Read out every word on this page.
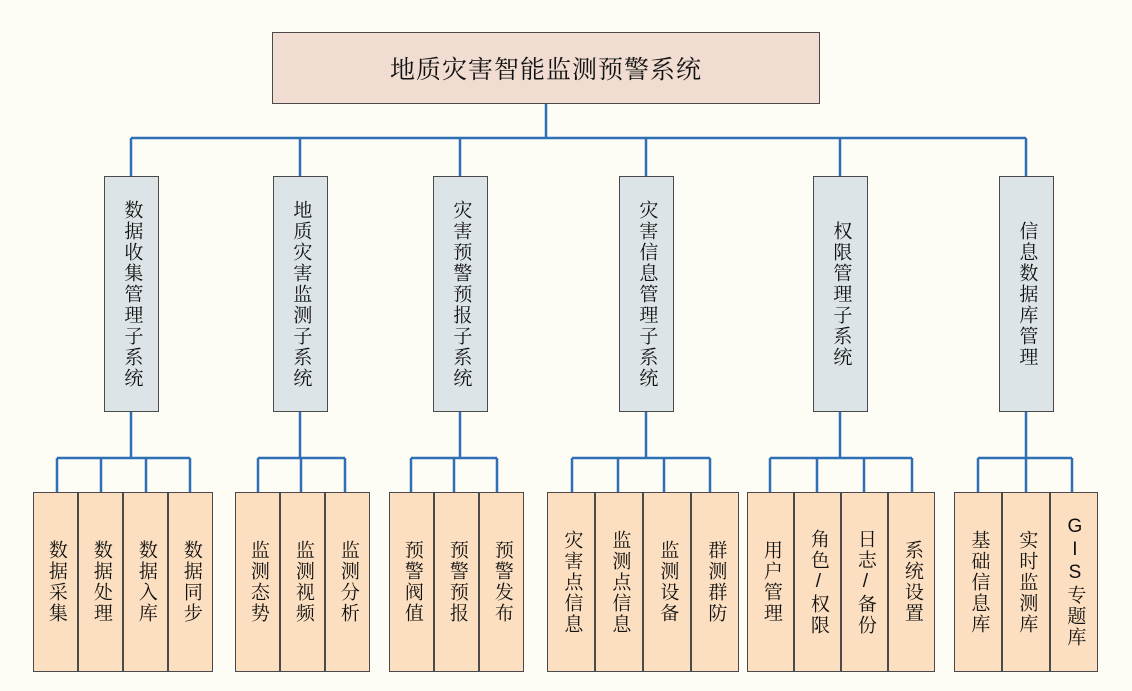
地质灾害智能监测预警系统
数据收集管理子系统	地质灾害监测子系统	灾害预警预报子系统	灾害信息管理子系统	权限管理子系统	信息数据库管理
数据采集 数据处理 数据入库 数据同步 监测态势 监测视频 监测分析 预警阀值 预警预报 预警发布	灾害点信息 监测点信息 监测设备 群测群防 用户管理 角色/权限 日志/备份 系统设置 基础信息库 实时监测库 GIS专题库
